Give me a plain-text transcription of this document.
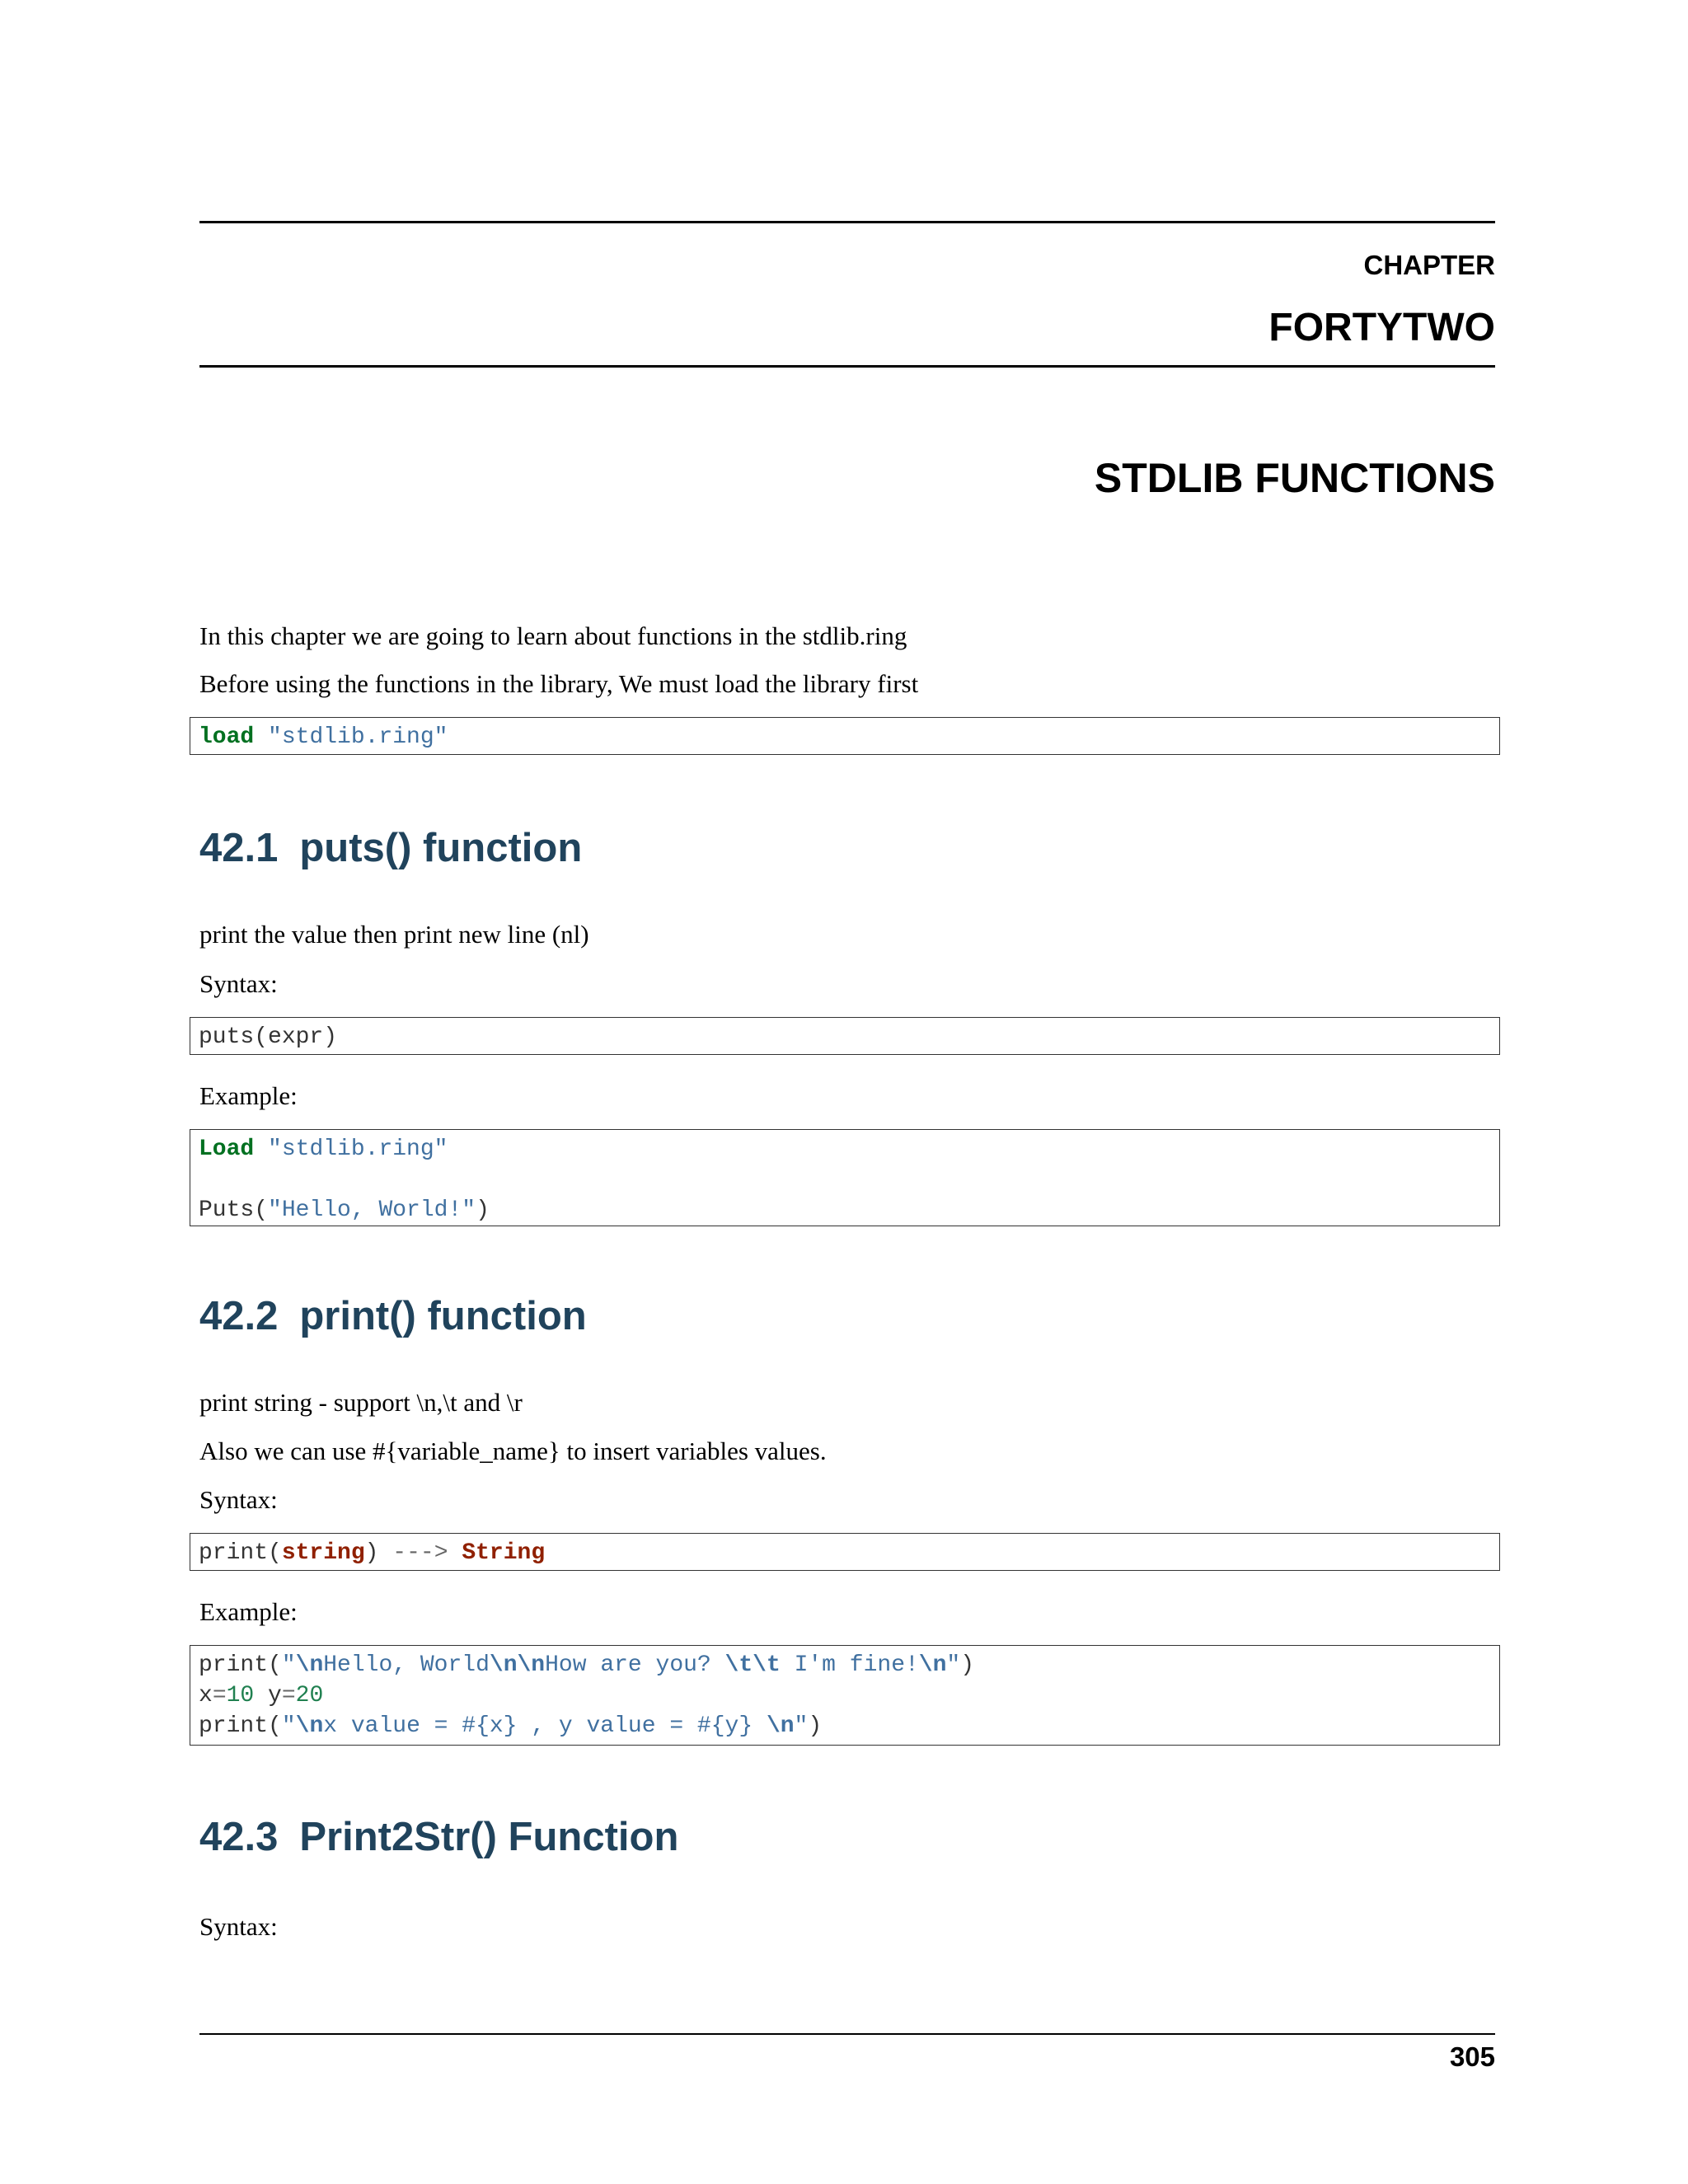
CHAPTER

FORTYTWO

STDLIB FUNCTIONS

In this chapter we are going to learn about functions in the stdlib.ring

Before using the functions in the library, We must load the library first

load "stdlib.ring"
42.1 puts() function

print the value then print new line (nl)

Syntax:

puts(expr)

Example:

Load "stdlib.ring"
Puts("Hello, World!")
42.2 print() function

print string - support \n,\t and \r

Also we can use #{variable_name} to insert variables values.

Syntax:

print(string) ---> String

Example:

print("\nHello, World\n\nHow are you? \t\t I'm fine!\n")
x=10 y=20
print("\nx value = #{x} , y value = #{y} \n")
42.3 Print2Str() Function

Syntax:

305
